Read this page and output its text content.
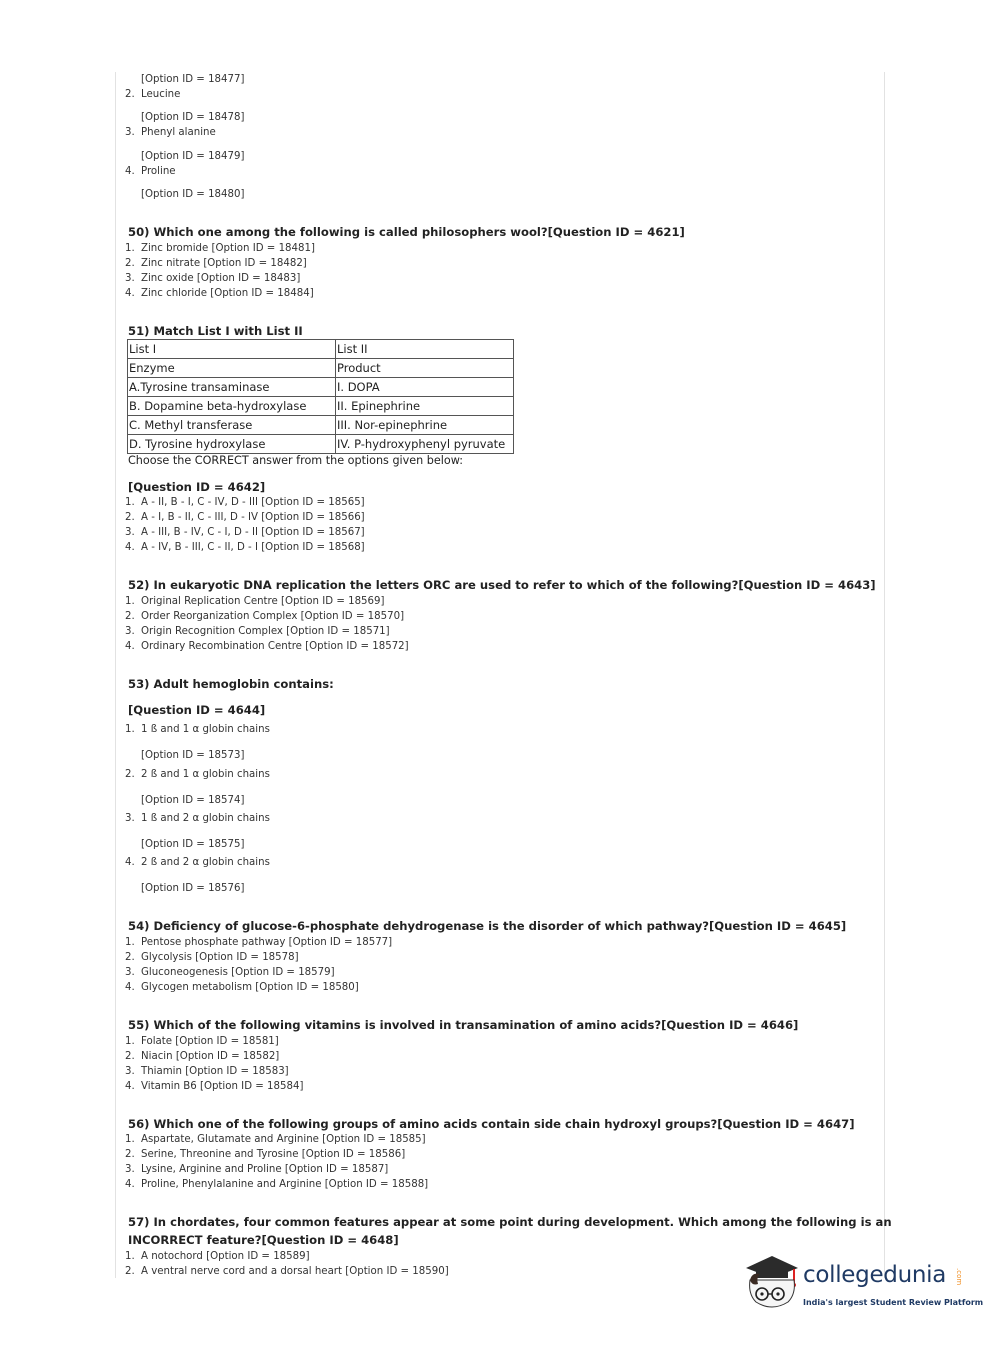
[Option ID = 18477]
2. Leucine
[Option ID = 18478]
3. Phenyl alanine
[Option ID = 18479]
4. Proline
[Option ID = 18480]
50) Which one among the following is called philosophers wool?[Question ID = 4621]
1. Zinc bromide [Option ID = 18481]
2. Zinc nitrate [Option ID = 18482]
3. Zinc oxide [Option ID = 18483]
4. Zinc chloride [Option ID = 18484]
51) Match List I with List II
List I	List II
Enzyme	Product
A.Tyrosine transaminase	I. DOPA
B. Dopamine beta-hydroxylase	II. Epinephrine
C. Methyl transferase	III. Nor-epinephrine
D. Tyrosine hydroxylase	IV. P-hydroxyphenyl pyruvate
Choose the CORRECT answer from the options given below:
[Question ID = 4642]
1. A - II, B - I, C - IV, D - III [Option ID = 18565]
2. A - I, B - II, C - III, D - IV [Option ID = 18566]
3. A - III, B - IV, C - I, D - II [Option ID = 18567]
4. A - IV, B - III, C - II, D - I [Option ID = 18568]
52) In eukaryotic DNA replication the letters ORC are used to refer to which of the following?[Question ID = 4643]
1. Original Replication Centre [Option ID = 18569]
2. Order Reorganization Complex [Option ID = 18570]
3. Origin Recognition Complex [Option ID = 18571]
4. Ordinary Recombination Centre [Option ID = 18572]
53) Adult hemoglobin contains:
[Question ID = 4644]
1. 1 ß and 1 α globin chains
[Option ID = 18573]
2. 2 ß and 1 α globin chains
[Option ID = 18574]
3. 1 ß and 2 α globin chains
[Option ID = 18575]
4. 2 ß and 2 α globin chains
[Option ID = 18576]
54) Deficiency of glucose-6-phosphate dehydrogenase is the disorder of which pathway?[Question ID = 4645]
1. Pentose phosphate pathway [Option ID = 18577]
2. Glycolysis [Option ID = 18578]
3. Gluconeogenesis [Option ID = 18579]
4. Glycogen metabolism [Option ID = 18580]
55) Which of the following vitamins is involved in transamination of amino acids?[Question ID = 4646]
1. Folate [Option ID = 18581]
2. Niacin [Option ID = 18582]
3. Thiamin [Option ID = 18583]
4. Vitamin B6 [Option ID = 18584]
56) Which one of the following groups of amino acids contain side chain hydroxyl groups?[Question ID = 4647]
1. Aspartate, Glutamate and Arginine [Option ID = 18585]
2. Serine, Threonine and Tyrosine [Option ID = 18586]
3. Lysine, Arginine and Proline [Option ID = 18587]
4. Proline, Phenylalanine and Arginine [Option ID = 18588]
57) In chordates, four common features appear at some point during development. Which among the following is an
INCORRECT feature?[Question ID = 4648]
1. A notochord [Option ID = 18589]
2. A ventral nerve cord and a dorsal heart [Option ID = 18590]	collegedunia .com
India's largest Student Review Platform
